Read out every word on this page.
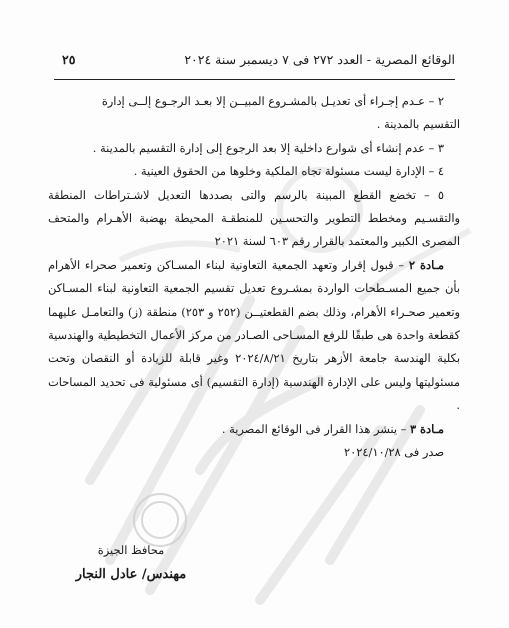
الوقائع المصرية - العدد ٢٧٢ فى ٧ ديسمبر سنة ٢٠٢٤
٢٥

٢ – عـدم إجـراء أى تعديـل بالمشـروع المبيــن إلا بعـد الرجـوع إلــى إدارة

التقسيم بالمدينة .

٣ – عدم إنشاء أى شوارع داخلية إلا بعد الرجوع إلى إدارة التقسيم بالمدينة .

٤ – الإدارة ليست مسئولة تجاه الملكية وخلوها من الحقوق العينية .

٥ – تخضع القطع المبينة بالرسم والتى بصددها التعديل لاشـتراطات المنطقة والتقسـيم ومخطط التطوير والتحسـين للمنطقـة المحيطة بهضبة الأهـرام والمتحف المصرى الكبير والمعتمد بالقرار رقم ٦٠٣ لسنة ٢٠٢١

مـادة ٢ – قبول إقرار وتعهد الجمعية التعاونية لبناء المسـاكن وتعمير صحراء الأهرام بأن جميع المسـطحات الواردة بمشـروع تعديل تقسيم الجمعية التعاونية لبناء المسـاكن وتعمير صحـراء الأهرام، وذلك بضم القطعتيــن (٢٥٢ و ٢٥٣) منطقة (ز) والتعامـل عليهما كقطعة واحدة هى طبقًا للرفع المسـاحى الصـادر من مركز الأعمال التخطيطية والهندسية بكلية الهندسة جامعة الأزهر بتاريخ ٢٠٢٤/٨/٢١ وغير قابلة للزيادة أو النقصان وتحت مسئوليتها وليس على الإدارة الهندسية (إدارة التقسيم) أى مسئولية فى تحديد المساحات .

مـادة ٣ – ينشر هذا القرار فى الوقائع المصرية .

صدر فى ٢٠٢٤/١٠/٢٨

محافظ الجيزة
مهندس/ عادل النجار
